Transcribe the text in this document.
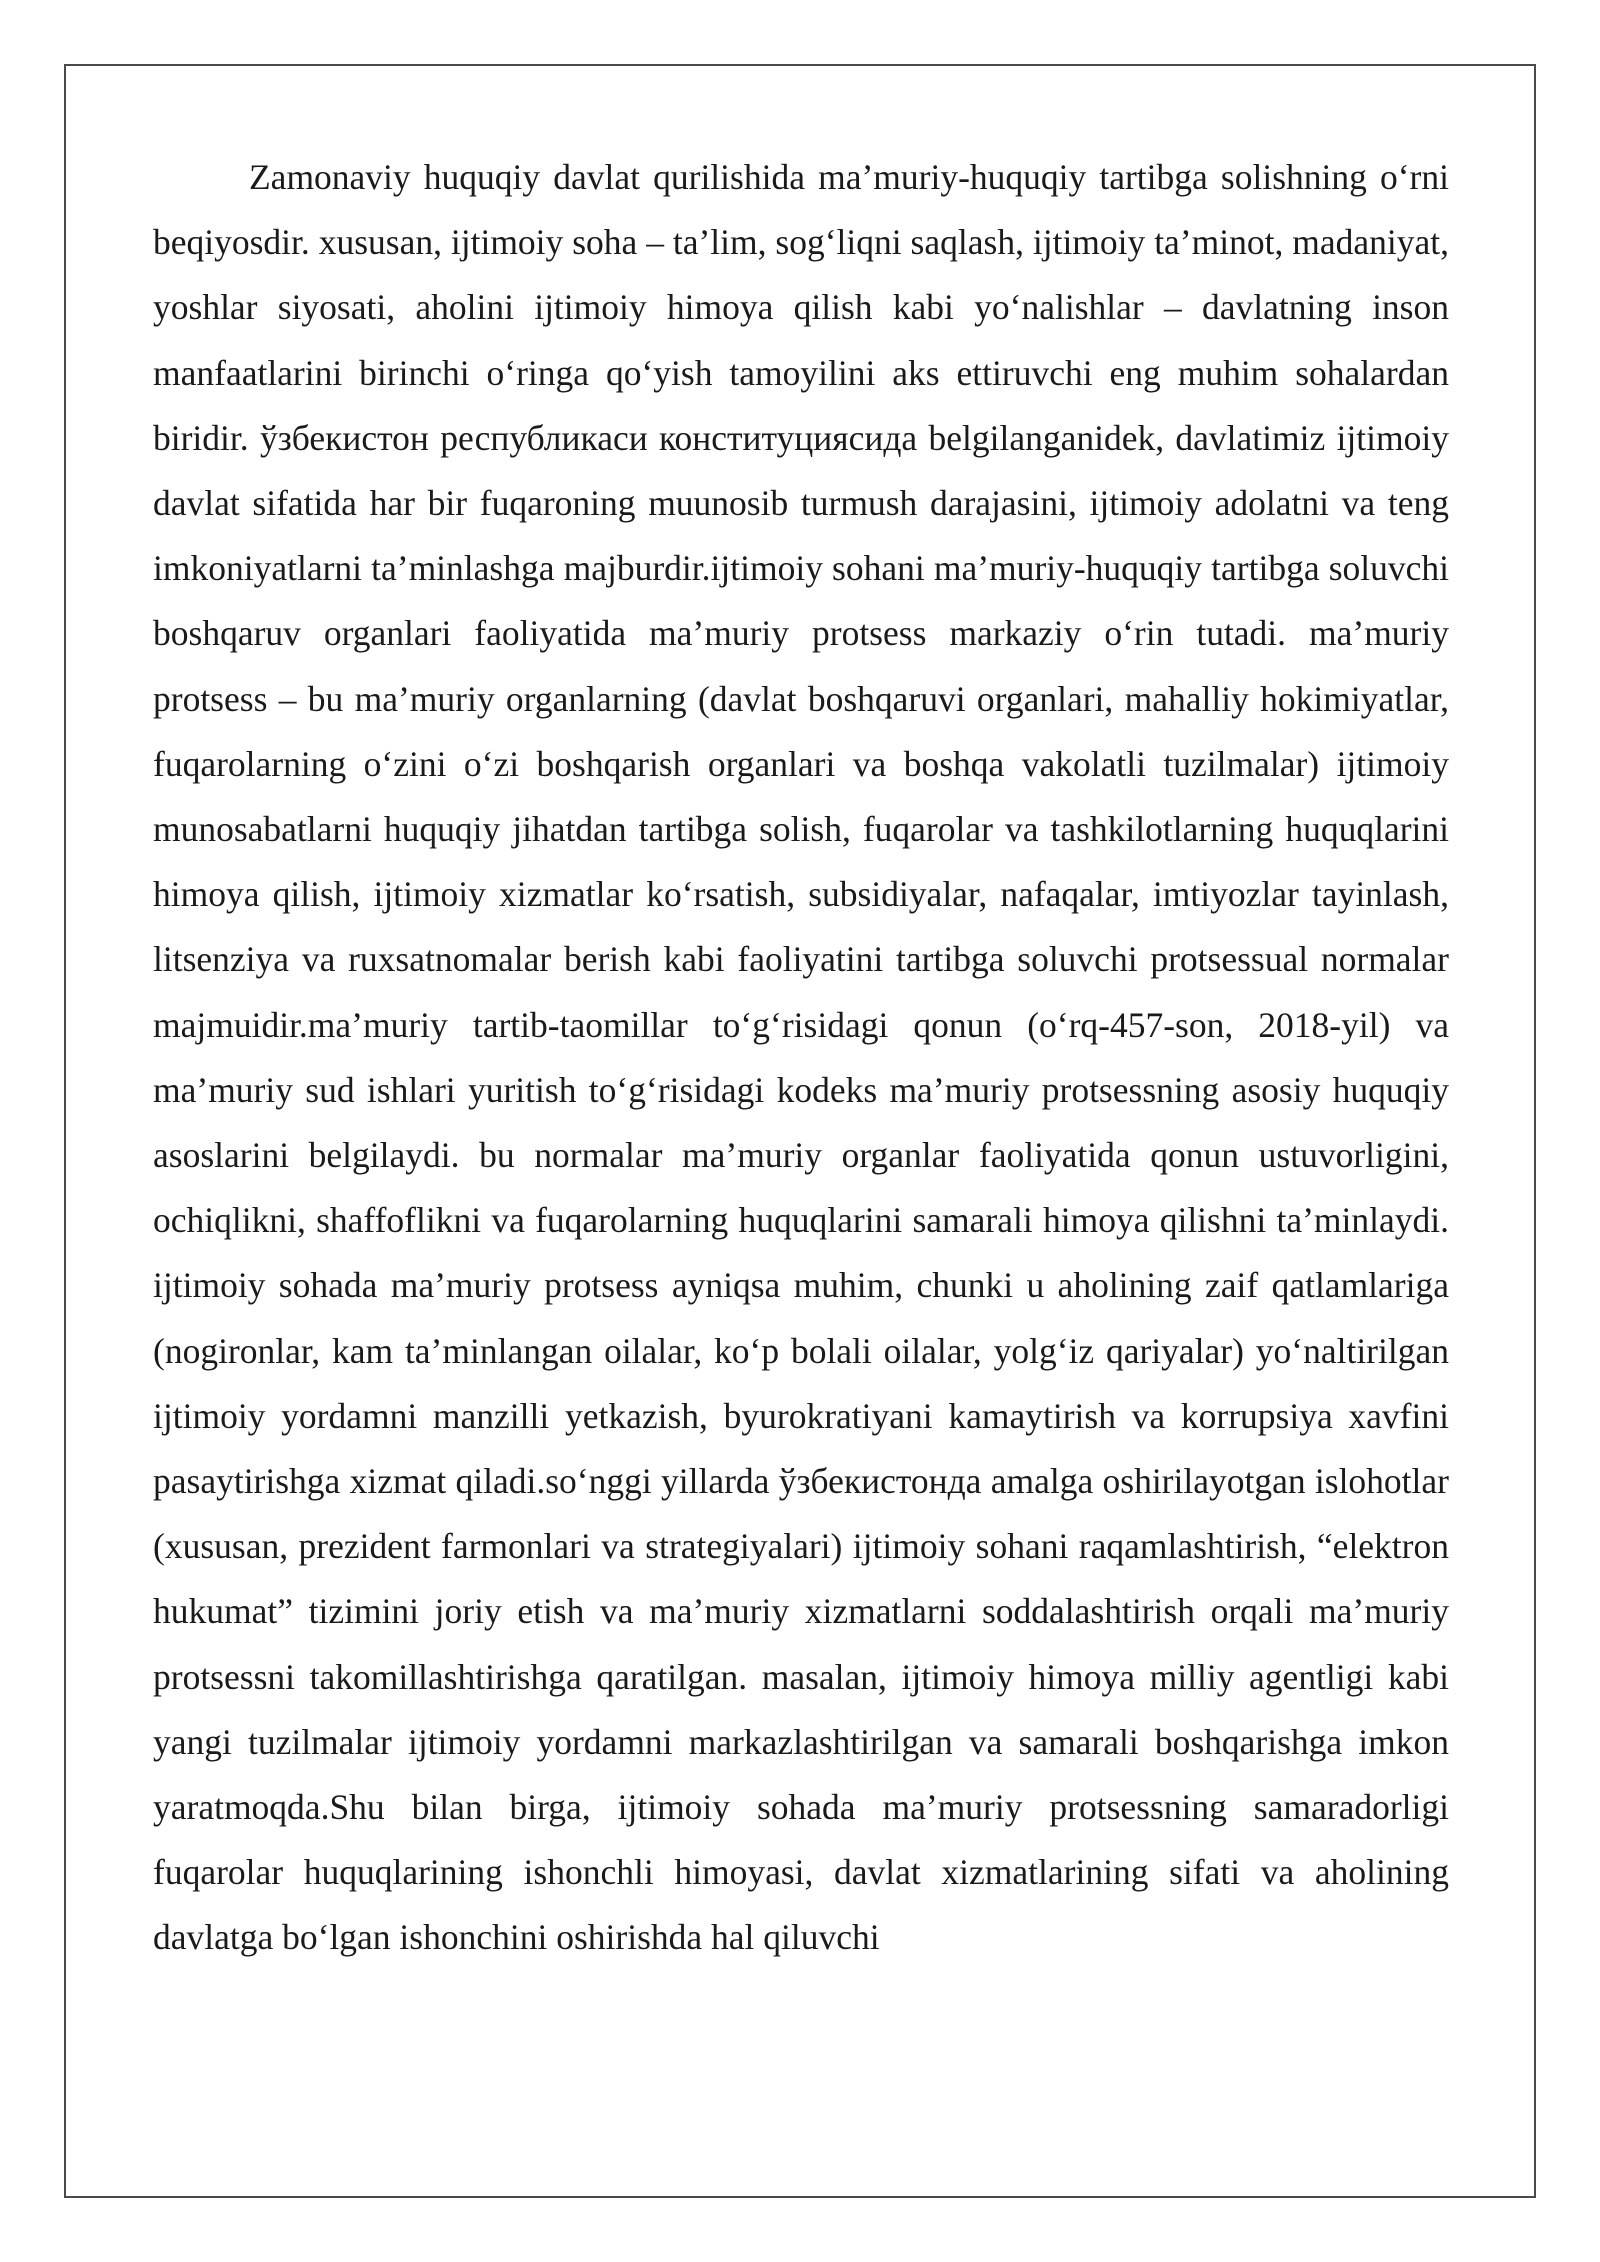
Zamonaviy huquqiy davlat qurilishida ma’muriy-huquqiy tartibga solishning o‘rni beqiyosdir. xususan, ijtimoiy soha – ta’lim, sog‘liqni saqlash, ijtimoiy ta’minot, madaniyat, yoshlar siyosati, aholini ijtimoiy himoya qilish kabi yo‘nalishlar – davlatning inson manfaatlarini birinchi o‘ringa qo‘yish tamoyilini aks ettiruvchi eng muhim sohalardan biridir. ўзбекистон республикаси конституциясида belgilanganidek, davlatimiz ijtimoiy davlat sifatida har bir fuqaroning muunosib turmush darajasini, ijtimoiy adolatni va teng imkoniyatlarni ta’minlashga majburdir.ijtimoiy sohani ma’muriy-huquqiy tartibga soluvchi boshqaruv organlari faoliyatida ma’muriy protsess markaziy o‘rin tutadi. ma’muriy protsess – bu ma’muriy organlarning (davlat boshqaruvi organlari, mahalliy hokimiyatlar, fuqarolarning o‘zini o‘zi boshqarish organlari va boshqa vakolatli tuzilmalar) ijtimoiy munosabatlarni huquqiy jihatdan tartibga solish, fuqarolar va tashkilotlarning huquqlarini himoya qilish, ijtimoiy xizmatlar ko‘rsatish, subsidiyalar, nafaqalar, imtiyozlar tayinlash, litsenziya va ruxsatnomalar berish kabi faoliyatini tartibga soluvchi protsessual normalar majmuidir.ma’muriy tartib-taomillar to‘g‘risidagi qonun (o‘rq-457-son, 2018-yil) va ma’muriy sud ishlari yuritish to‘g‘risidagi kodeks ma’muriy protsessning asosiy huquqiy asoslarini belgilaydi. bu normalar ma’muriy organlar faoliyatida qonun ustuvorligini, ochiqlikni, shaffoflikni va fuqarolarning huquqlarini samarali himoya qilishni ta’minlaydi. ijtimoiy sohada ma’muriy protsess ayniqsa muhim, chunki u aholining zaif qatlamlariga (nogironlar, kam ta’minlangan oilalar, ko‘p bolali oilalar, yolg‘iz qariyalar) yo‘naltirilgan ijtimoiy yordamni manzilli yetkazish, byurokratiyani kamaytirish va korrupsiya xavfini pasaytirishga xizmat qiladi.so‘nggi yillarda ўзбекистонда amalga oshirilayotgan islohotlar (xususan, prezident farmonlari va strategiyalari) ijtimoiy sohani raqamlashtirish, “elektron hukumat” tizimini joriy etish va ma’muriy xizmatlarni soddalashtirish orqali ma’muriy protsessni takomillashtirishga qaratilgan. masalan, ijtimoiy himoya milliy agentligi kabi yangi tuzilmalar ijtimoiy yordamni markazlashtirilgan va samarali boshqarishga imkon yaratmoqda.Shu bilan birga, ijtimoiy sohada ma’muriy protsessning samaradorligi fuqarolar huquqlarining ishonchli himoyasi, davlat xizmatlarining sifati va aholining davlatga bo‘lgan ishonchini oshirishda hal qiluvchi
